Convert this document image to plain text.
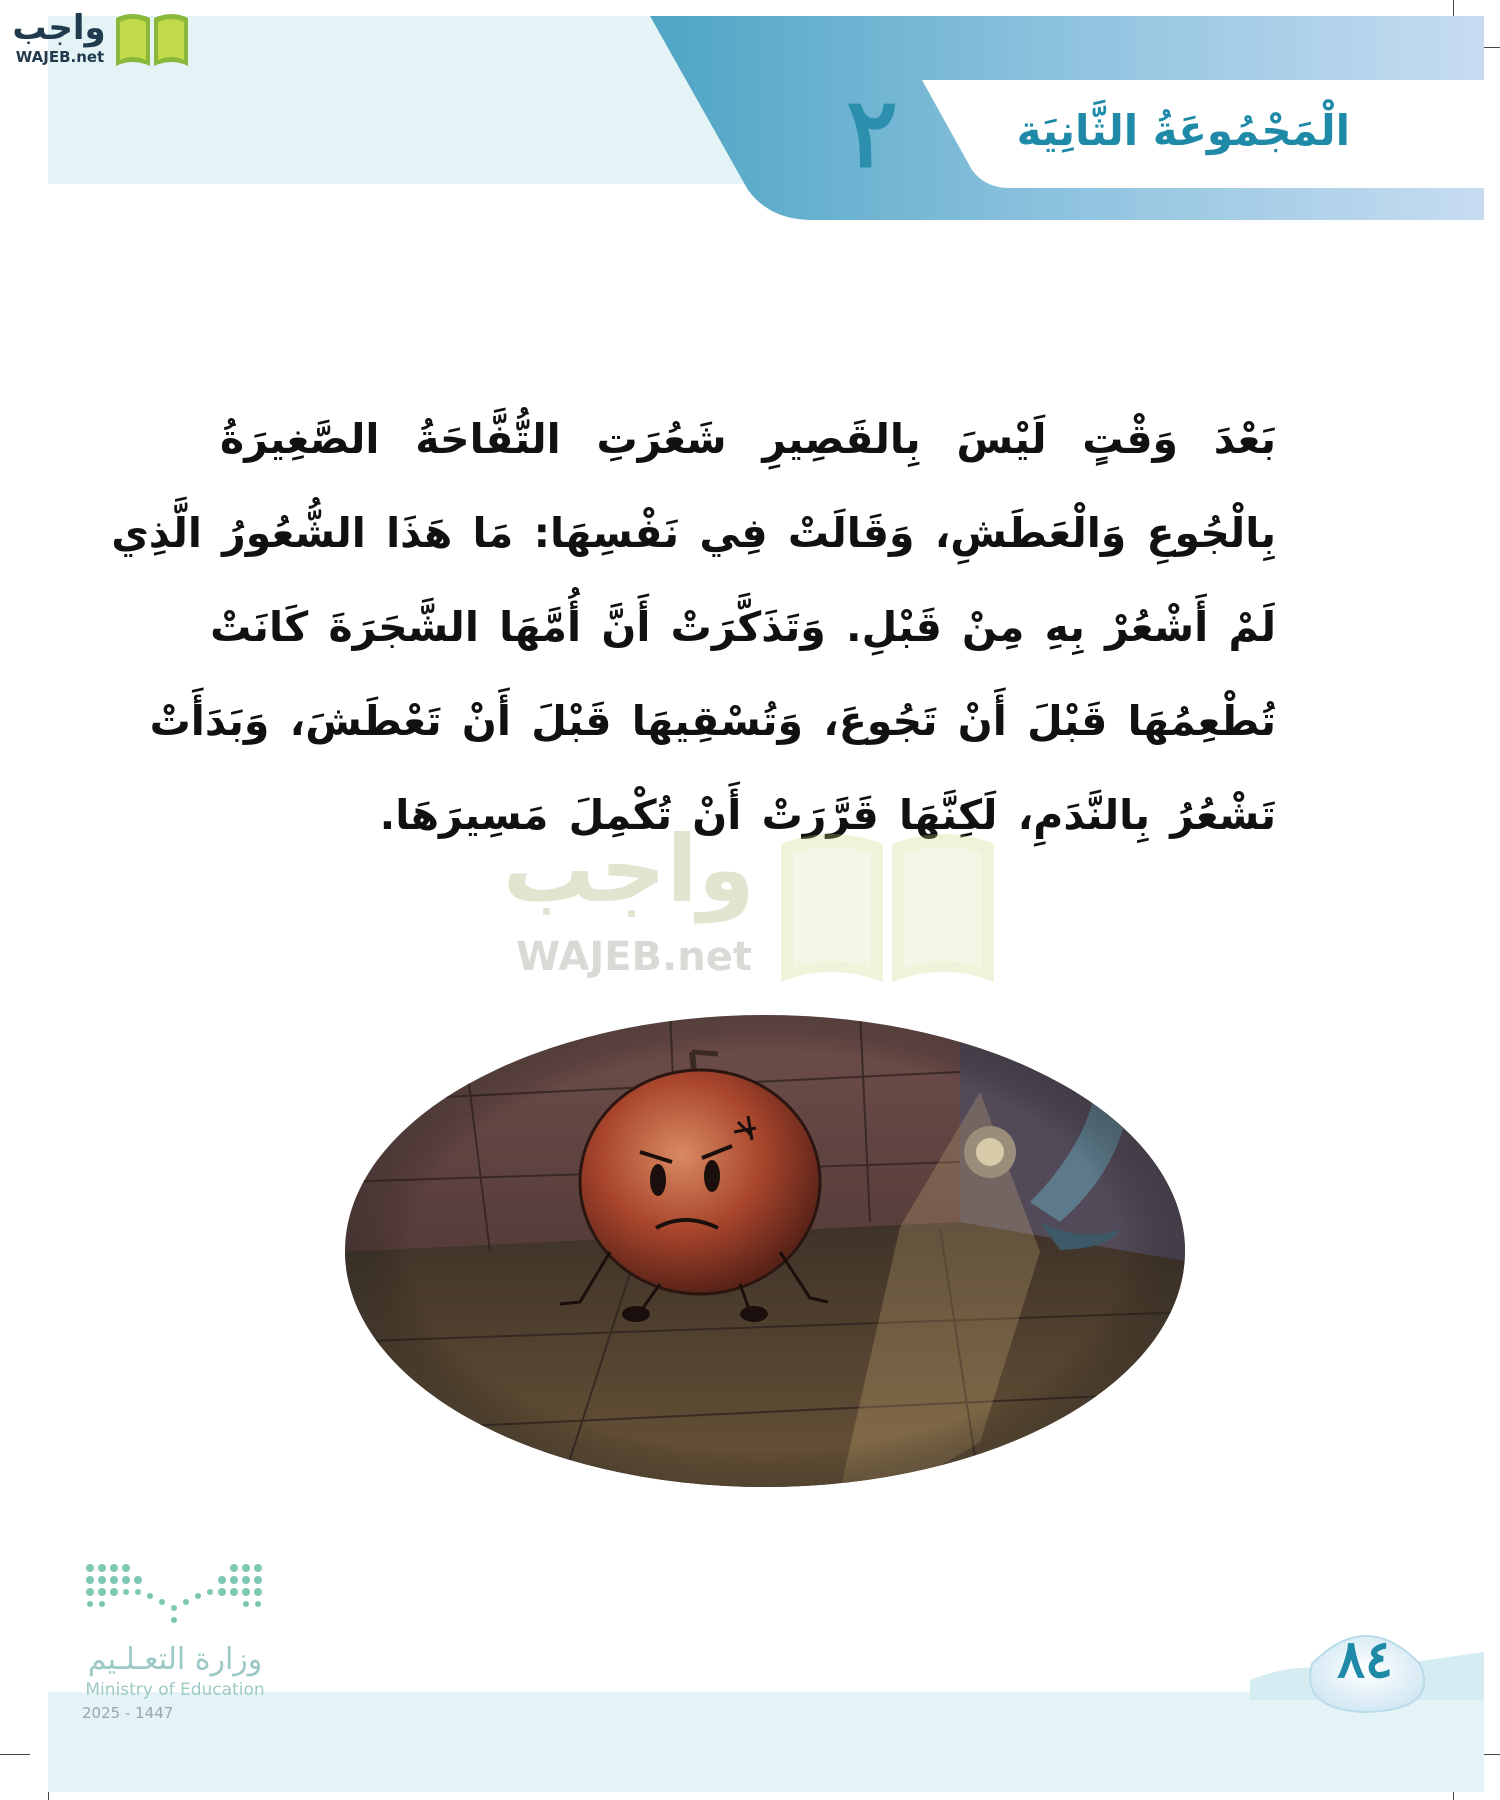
٢	الْمَجْمُوعَةُ الثَّانِيَة
واجب
WAJEB.net
بَعْدَ وَقْتٍ لَيْسَ بِالقَصِيرِ شَعُرَتِ التُّفَّاحَةُ الصَّغِيرَةُ
بِالْجُوعِ وَالْعَطَشِ، وَقَالَتْ فِي نَفْسِهَا: مَا هَذَا الشُّعُورُ الَّذِي
لَمْ أَشْعُرْ بِهِ مِنْ قَبْلِ. وَتَذَكَّرَتْ أَنَّ أُمَّهَا الشَّجَرَةَ كَانَتْ
تُطْعِمُهَا قَبْلَ أَنْ تَجُوعَ، وَتُسْقِيهَا قَبْلَ أَنْ تَعْطَشَ، وَبَدَأَتْ
تَشْعُرُ بِالنَّدَمِ، لَكِنَّهَا قَرَّرَتْ أَنْ تُكْمِلَ مَسِيرَهَا.
واجب
WAJEB.net
٨٤
وزارة التعـلـيم
Ministry of Education
2025 - 1447
